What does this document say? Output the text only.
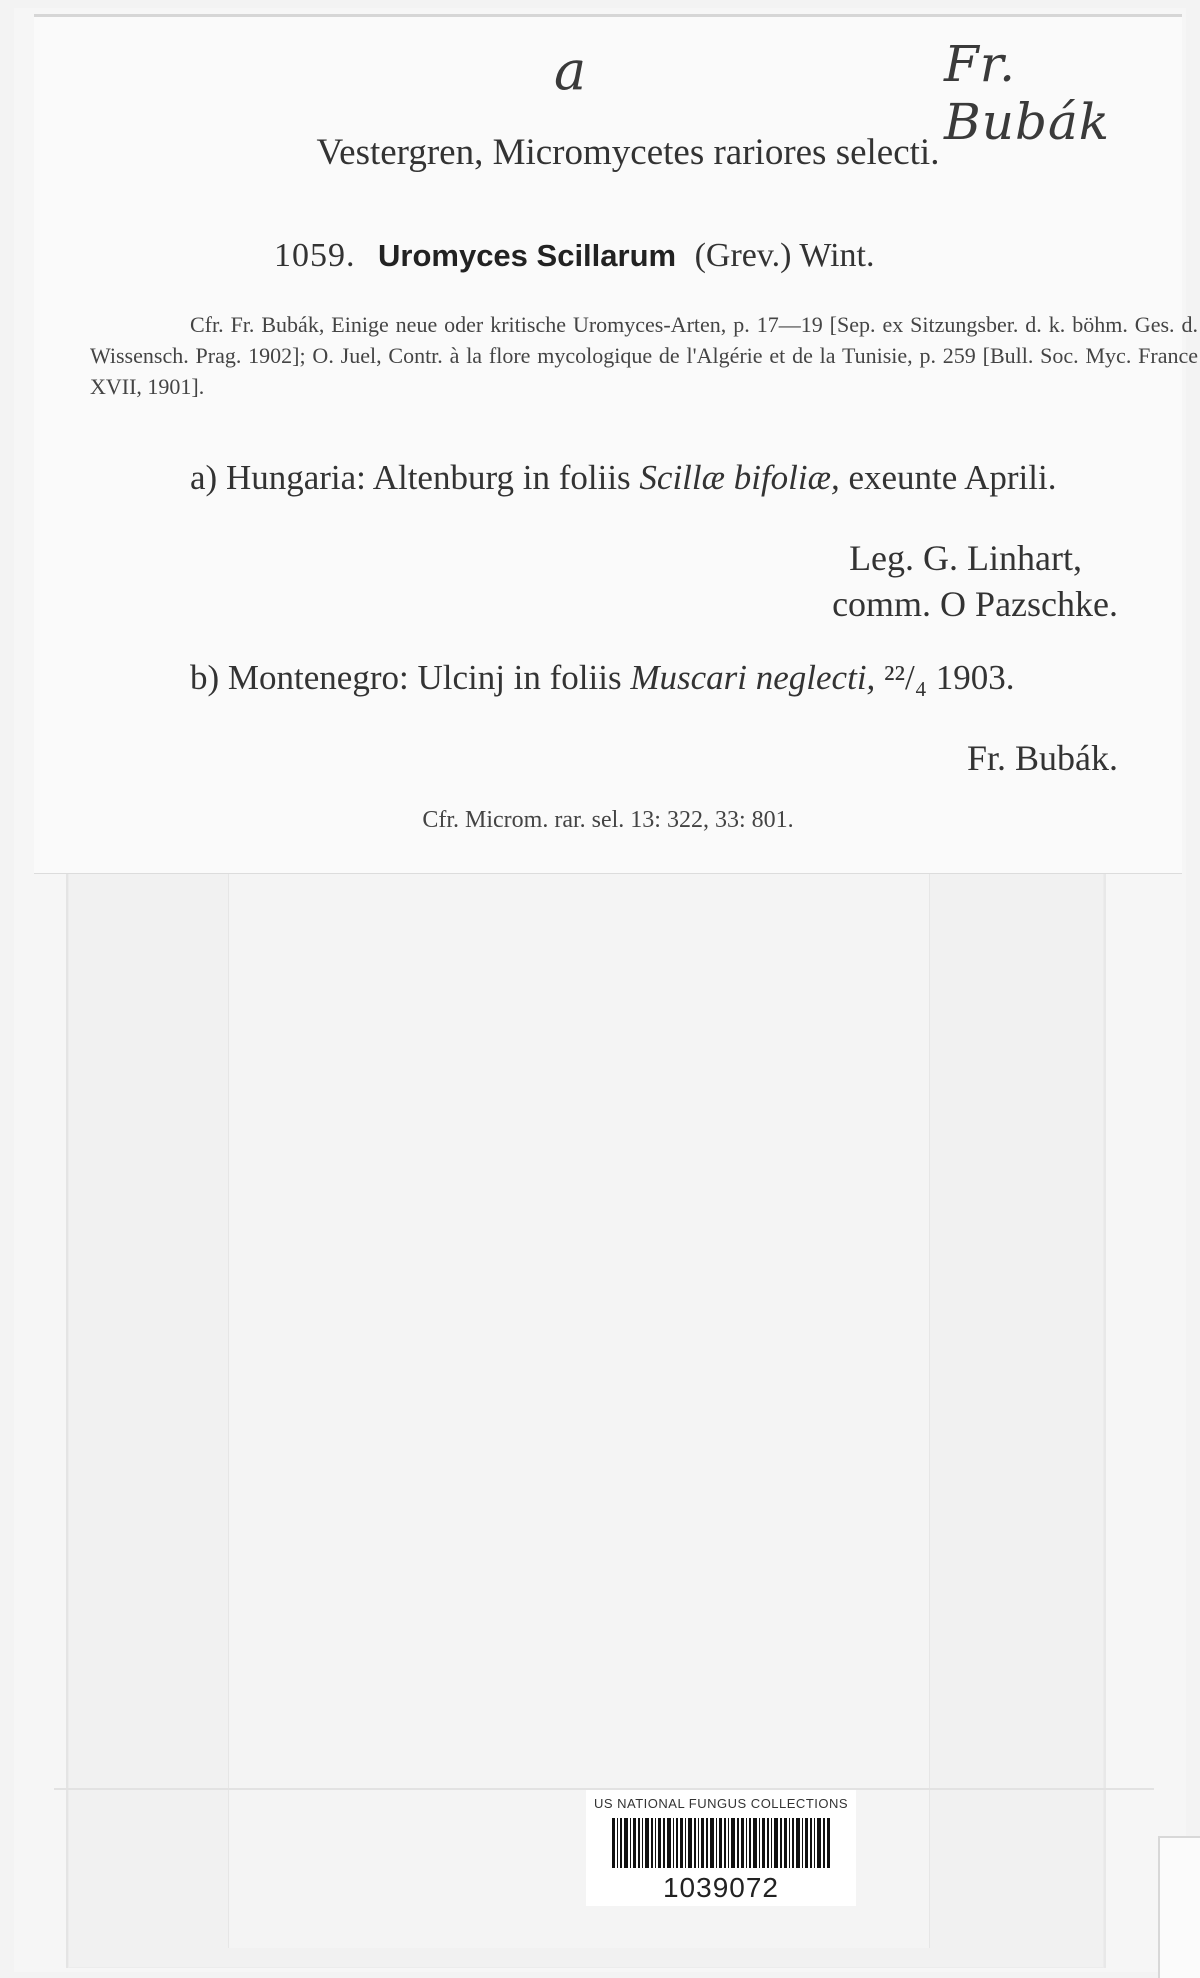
a	Fr. Bubák
Vestergren, Micromycetes rariores selecti.
1059. Uromyces Scillarum (Grev.) Wint.
Cfr. Fr. Bubák, Einige neue oder kritische Uromyces-Arten, p. 17—19 [Sep. ex Sitzungsber. d. k. böhm. Ges. d. Wissensch. Prag. 1902]; O. Juel, Contr. à la flore mycologique de l'Algérie et de la Tunisie, p. 259 [Bull. Soc. Myc. France XVII, 1901].
a) Hungaria: Altenburg in foliis Scillæ bifoliæ, exeunte Aprili.
Leg. G. Linhart,
comm. O Pazschke.
b) Montenegro: Ulcinj in foliis Muscari neglecti, ²²/₄ 1903.
Fr. Bubák.
Cfr. Microm. rar. sel. 13: 322, 33: 801.
US NATIONAL FUNGUS COLLECTIONS
1039072
